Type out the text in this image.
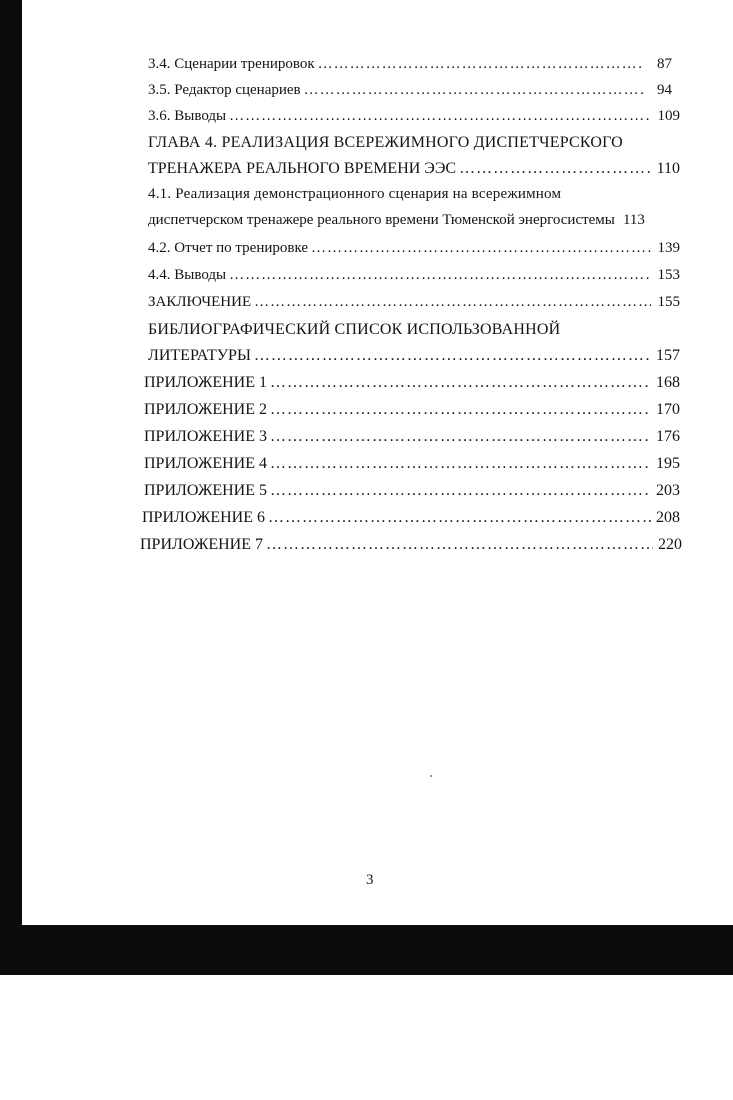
3.4. Сценарии тренировок ………………………………………………………………………………………………………………………………………………………………………………………………	87
3.5. Редактор сценариев ………………………………………………………………………………………………………………………………………………………………………………………………	94
3.6. Выводы ………………………………………………………………………………………………………………………………………………………………………………………………	109
ГЛАВА 4. РЕАЛИЗАЦИЯ ВСЕРЕЖИМНОГО ДИСПЕТЧЕРСКОГО
ТРЕНАЖЕРА РЕАЛЬНОГО ВРЕМЕНИ ЭЭС ………………………………………………………………………………………………………………………………………………………………………………………………	110
4.1. Реализация демонстрационного сценария на всережимном
диспетчерском тренажере реального времени Тюменской энергосистемы 113
4.2. Отчет по тренировке ………………………………………………………………………………………………………………………………………………………………………………………………	139
4.4. Выводы ………………………………………………………………………………………………………………………………………………………………………………………………	153
ЗАКЛЮЧЕНИЕ ………………………………………………………………………………………………………………………………………………………………………………………………	155
БИБЛИОГРАФИЧЕСКИЙ СПИСОК ИСПОЛЬЗОВАННОЙ
ЛИТЕРАТУРЫ ………………………………………………………………………………………………………………………………………………………………………………………………	157
ПРИЛОЖЕНИЕ 1 ………………………………………………………………………………………………………………………………………………………………………………………………	168
ПРИЛОЖЕНИЕ 2 ………………………………………………………………………………………………………………………………………………………………………………………………	170
ПРИЛОЖЕНИЕ 3 ………………………………………………………………………………………………………………………………………………………………………………………………	176
ПРИЛОЖЕНИЕ 4 ………………………………………………………………………………………………………………………………………………………………………………………………	195
ПРИЛОЖЕНИЕ 5 ………………………………………………………………………………………………………………………………………………………………………………………………	203
ПРИЛОЖЕНИЕ 6 ………………………………………………………………………………………………………………………………………………………………………………………………	208
ПРИЛОЖЕНИЕ 7 ………………………………………………………………………………………………………………………………………………………………………………………………	220
3
